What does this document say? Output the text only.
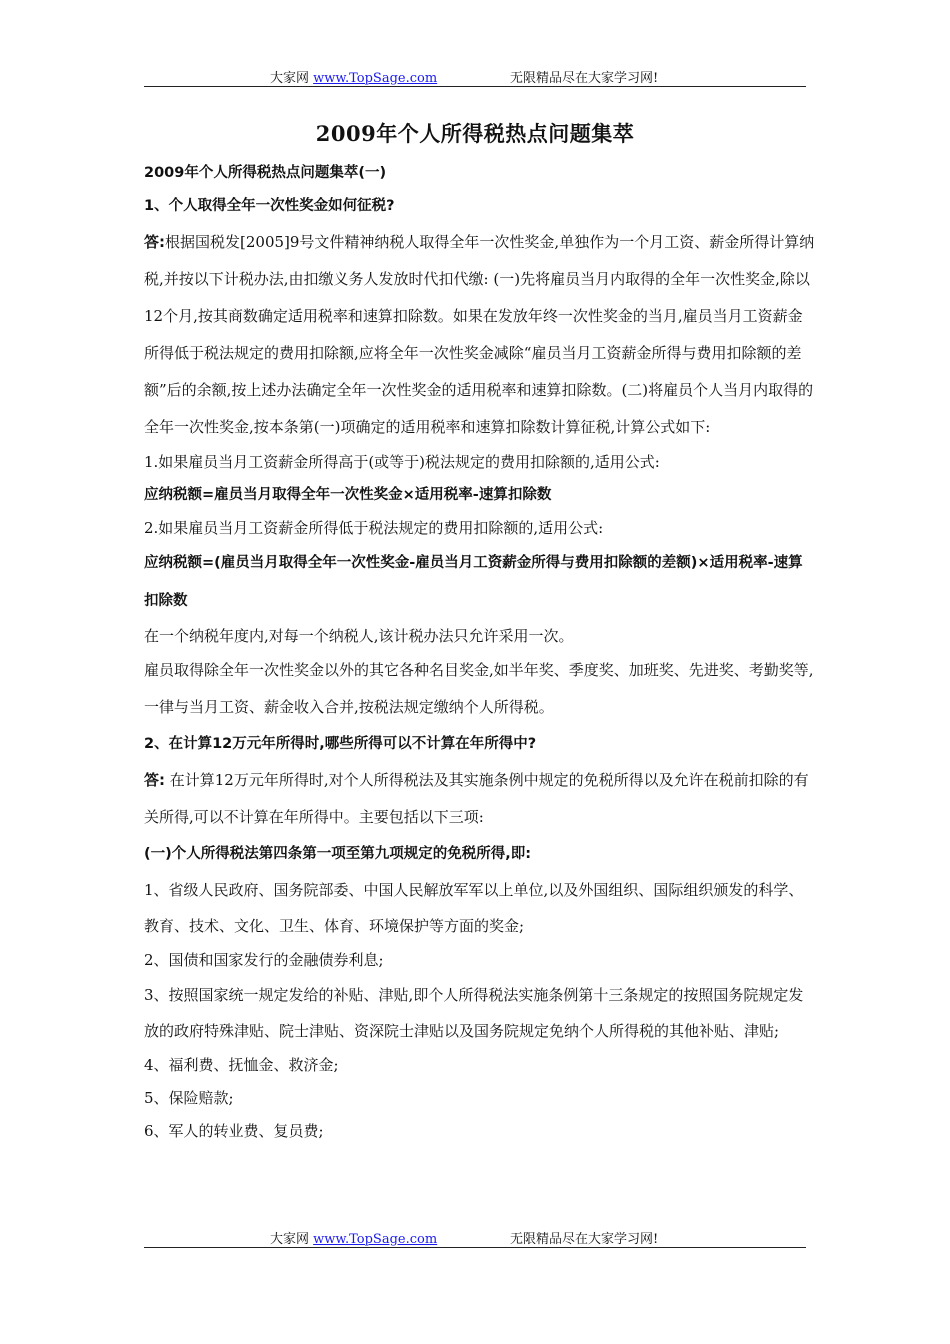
大家网 www.TopSage.com	无限精品尽在大家学习网!
2009年个人所得税热点问题集萃

2009年个人所得税热点问题集萃(一)

1、个人取得全年一次性奖金如何征税?

答:根据国税发[2005]9号文件精神纳税人取得全年一次性奖金,单独作为一个月工资、薪金所得计算纳税,并按以下计税办法,由扣缴义务人发放时代扣代缴: (一)先将雇员当月内取得的全年一次性奖金,除以12个月,按其商数确定适用税率和速算扣除数。如果在发放年终一次性奖金的当月,雇员当月工资薪金所得低于税法规定的费用扣除额,应将全年一次性奖金减除“雇员当月工资薪金所得与费用扣除额的差额”后的余额,按上述办法确定全年一次性奖金的适用税率和速算扣除数。(二)将雇员个人当月内取得的全年一次性奖金,按本条第(一)项确定的适用税率和速算扣除数计算征税,计算公式如下:

1.如果雇员当月工资薪金所得高于(或等于)税法规定的费用扣除额的,适用公式:

应纳税额=雇员当月取得全年一次性奖金×适用税率-速算扣除数

2.如果雇员当月工资薪金所得低于税法规定的费用扣除额的,适用公式:

应纳税额=(雇员当月取得全年一次性奖金-雇员当月工资薪金所得与费用扣除额的差额)×适用税率-速算扣除数

在一个纳税年度内,对每一个纳税人,该计税办法只允许采用一次。

雇员取得除全年一次性奖金以外的其它各种名目奖金,如半年奖、季度奖、加班奖、先进奖、考勤奖等,一律与当月工资、薪金收入合并,按税法规定缴纳个人所得税。

2、在计算12万元年所得时,哪些所得可以不计算在年所得中?

答: 在计算12万元年所得时,对个人所得税法及其实施条例中规定的免税所得以及允许在税前扣除的有关所得,可以不计算在年所得中。主要包括以下三项:

(一)个人所得税法第四条第一项至第九项规定的免税所得,即:

1、省级人民政府、国务院部委、中国人民解放军军以上单位,以及外国组织、国际组织颁发的科学、教育、技术、文化、卫生、体育、环境保护等方面的奖金;

2、国债和国家发行的金融债券利息;

3、按照国家统一规定发给的补贴、津贴,即个人所得税法实施条例第十三条规定的按照国务院规定发放的政府特殊津贴、院士津贴、资深院士津贴以及国务院规定免纳个人所得税的其他补贴、津贴;

4、福利费、抚恤金、救济金;

5、保险赔款;

6、军人的转业费、复员费;

大家网 www.TopSage.com	无限精品尽在大家学习网!
